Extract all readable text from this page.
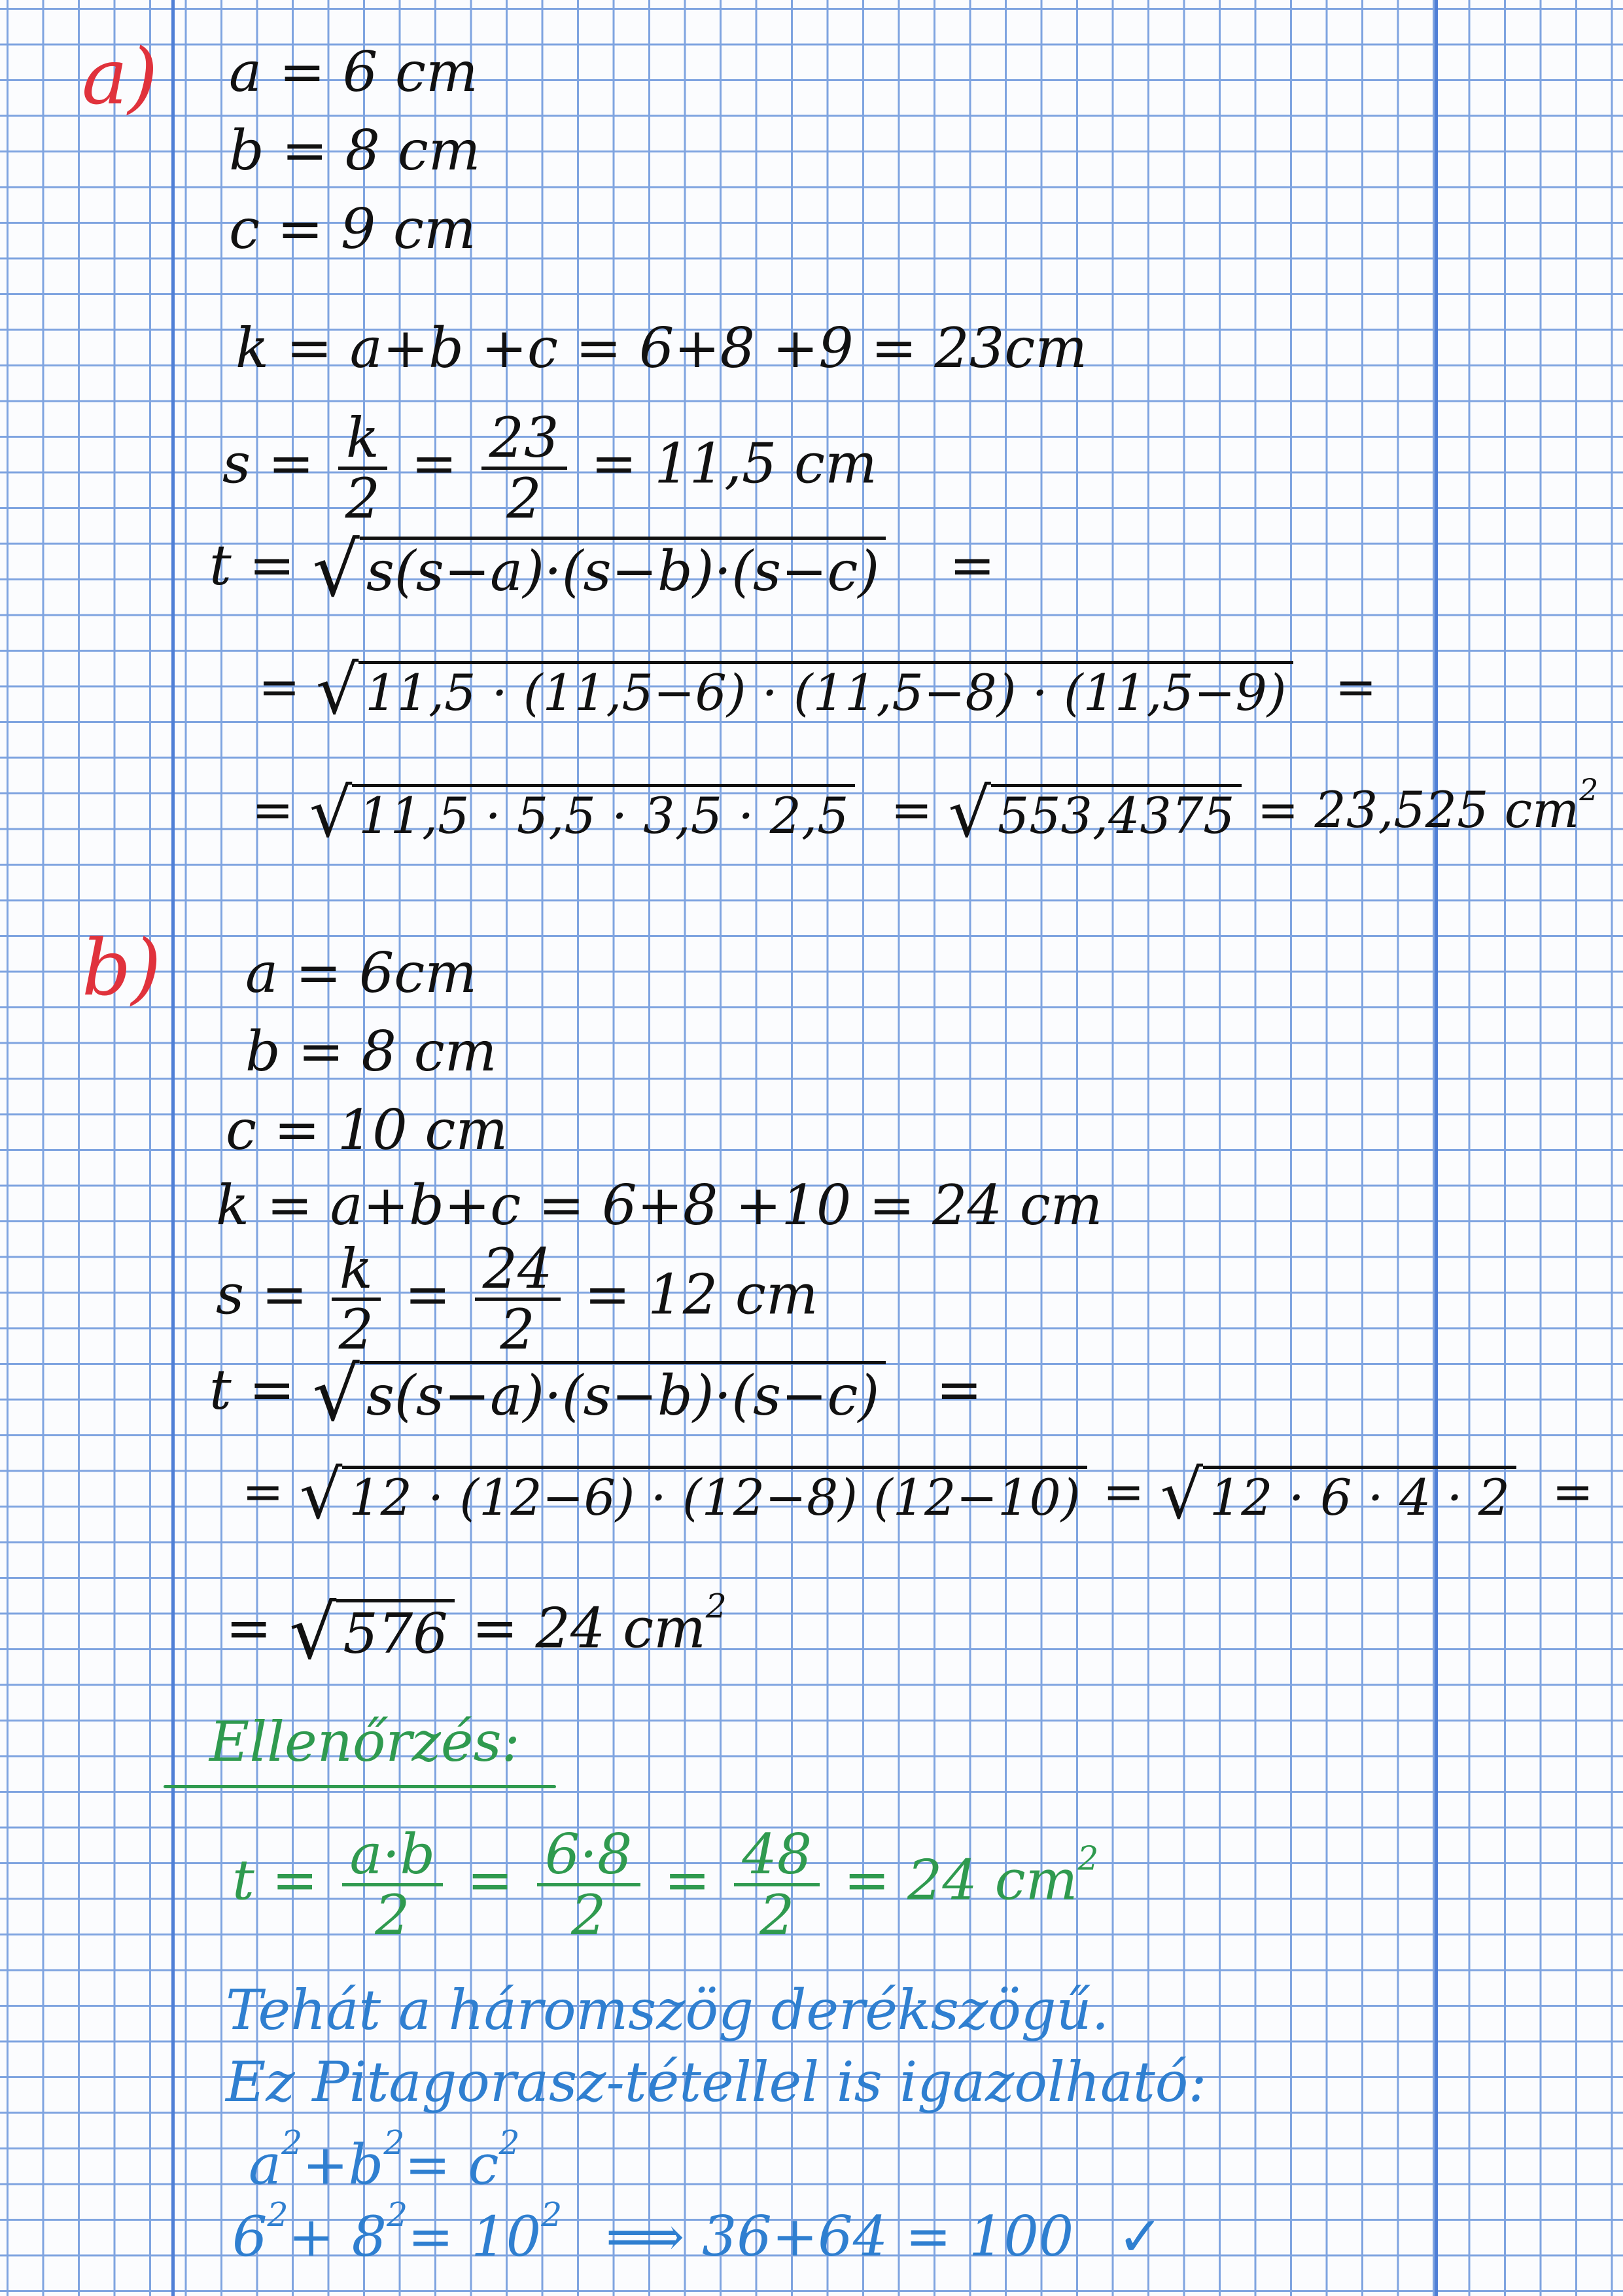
a) a = 6 cm
b = 8 cm
c = 9 cm
k = a+b +c = 6+8 +9 = 23cm
$s = \frac{k}{2} = \frac{23}{2} = 11,5$ cm
t = √ s(s−a)·(s−b)·(s−c) =
= √ 11,5 · (11,5−6) · (11,5−8) · (11,5−9) =
= √ 11,5 · 5,5 · 3,5 · 2,5 = √ 553,4375 = 23,525 $cm^2$
b) a = 6cm
b = 8 cm
c = 10 cm
k = a+b+c = 6+8 +10 = 24 cm
$s = \frac{k}{2} = \frac{24}{2} = 12$ cm
t = √ s(s−a)·(s−b)·(s−c) =
= √ 12 · (12−6) · (12−8) (12−10) = √ 12 · 6 · 4 · 2 =
= √ 576 = 24 $cm^2$
Ellenőrzés:
$t = \frac{a\cdot b}{2} = \frac{6\cdot 8}{2} = \frac{48}{2} = 24$ $cm^2$
Tehát a háromszög derékszögű.
Ez Pitagorasz-tétellel is igazolható:
$a^2+b^2= c^2$
$6^2+ 8^2= 10^2$ ⟹ 36+64 = 100 ✓
